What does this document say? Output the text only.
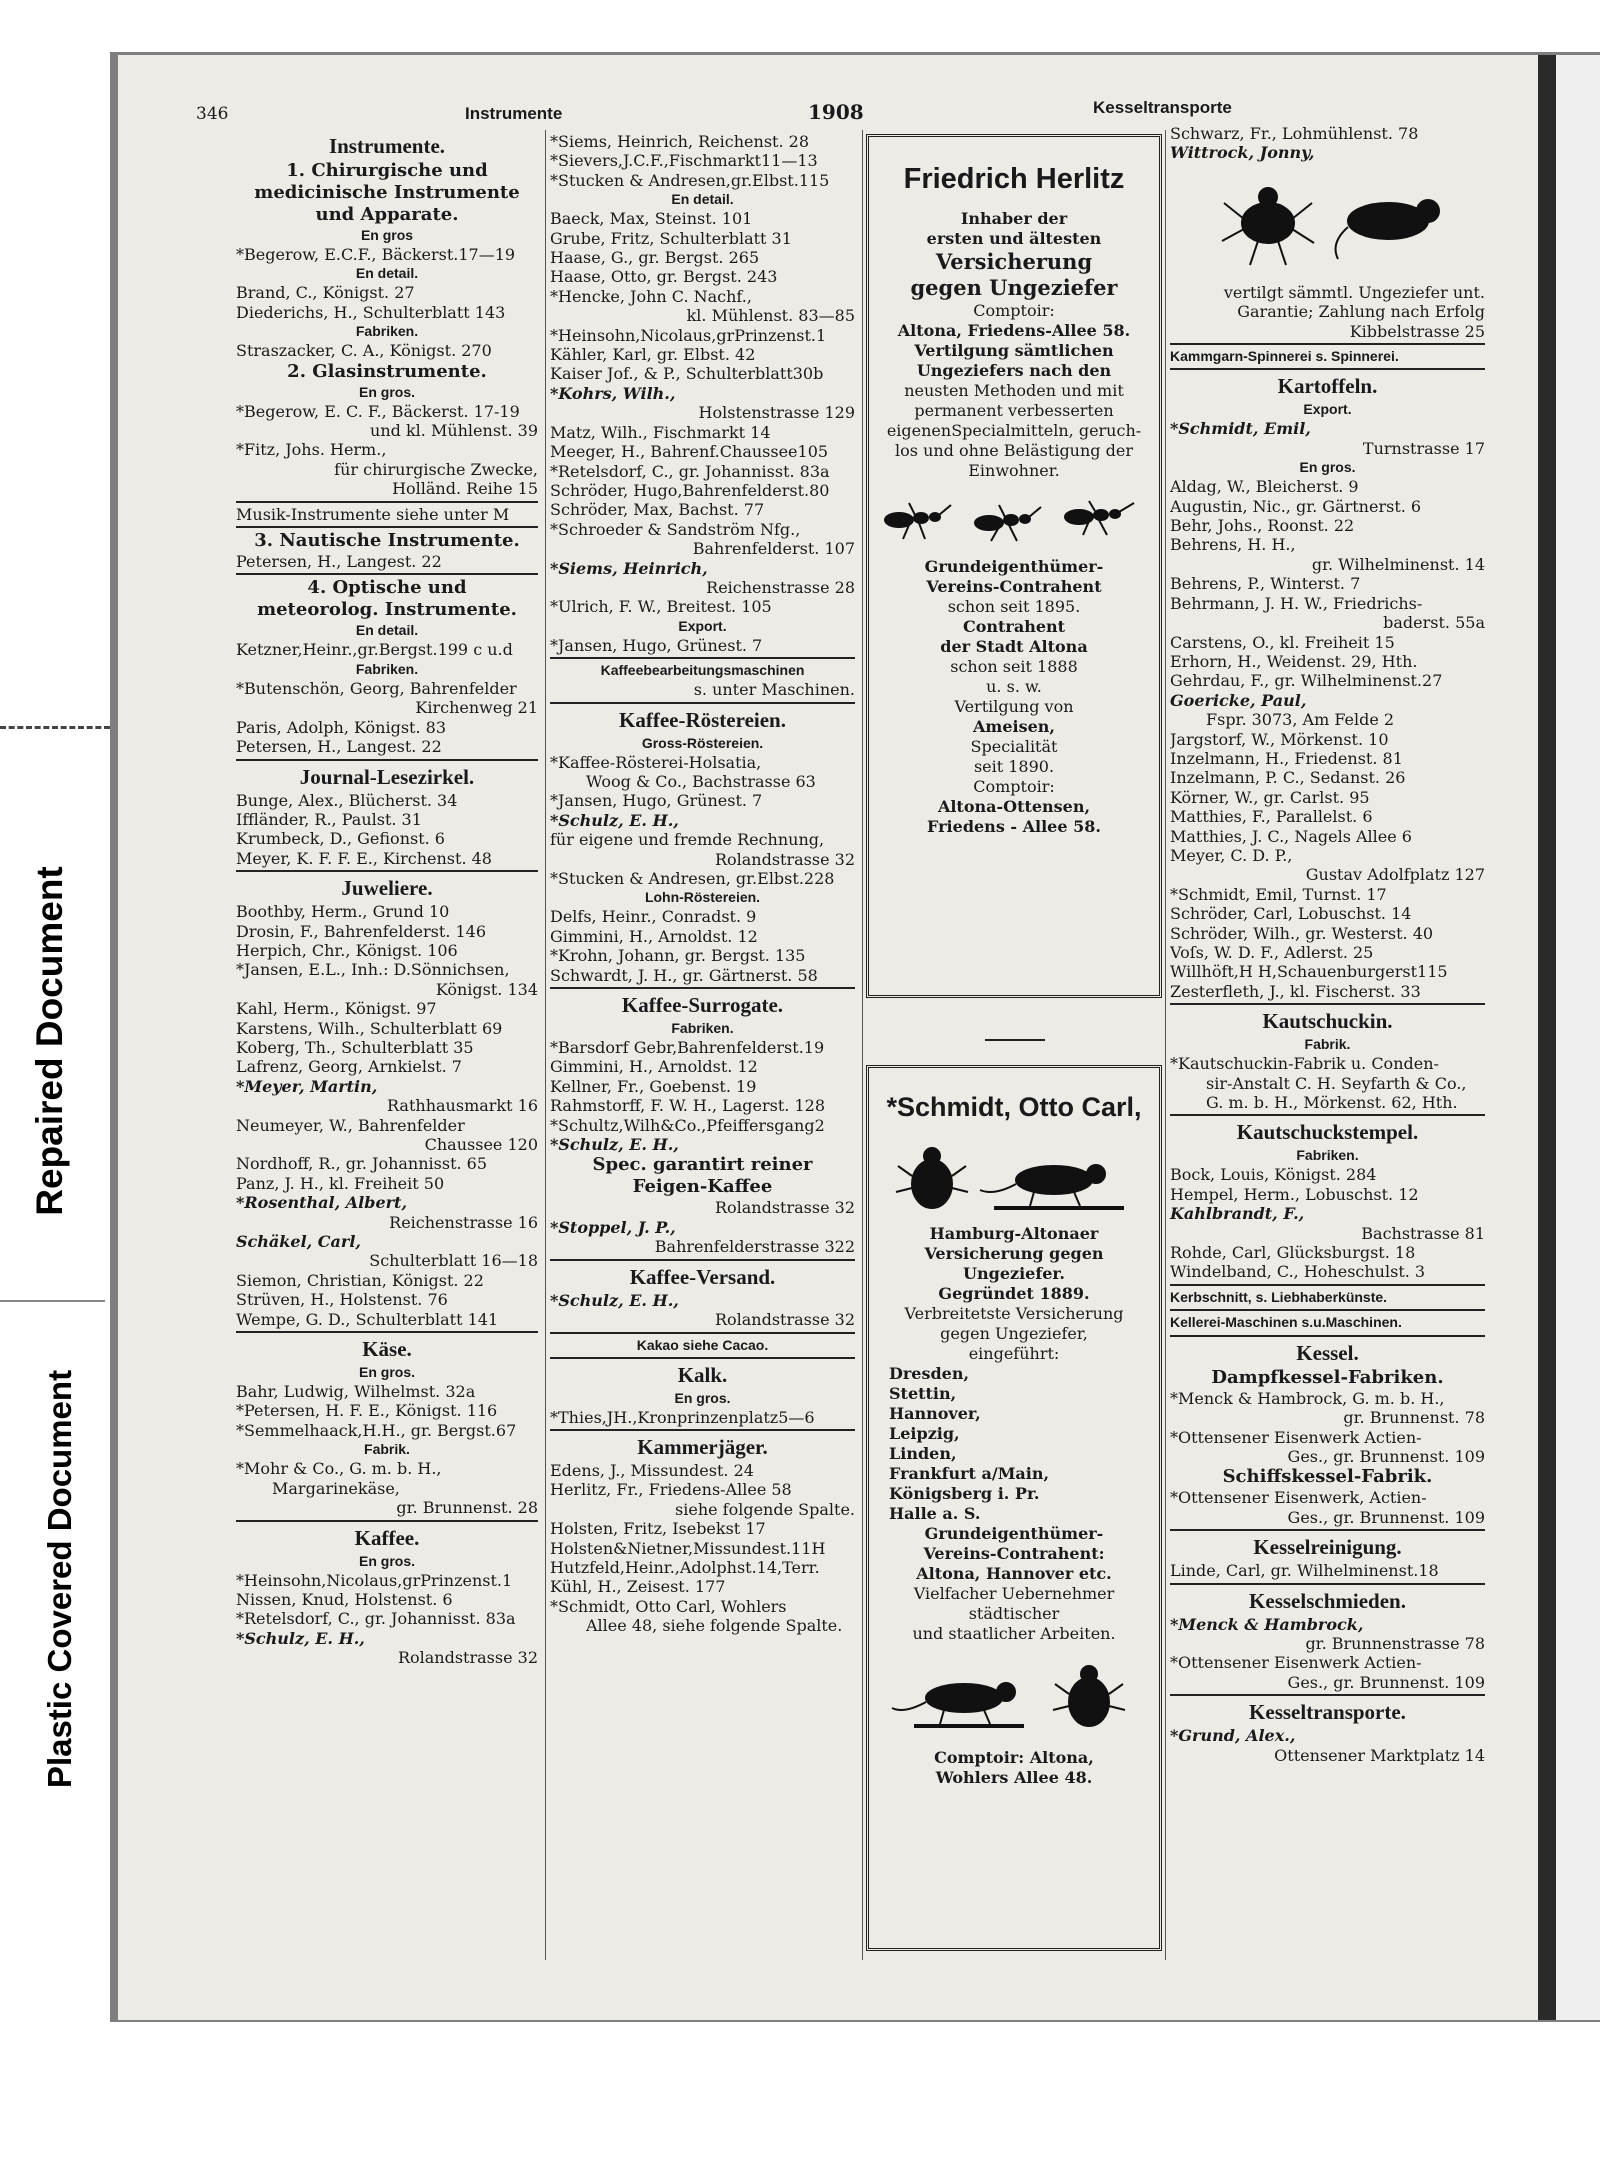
Repaired Document
Plastic Covered Document
346	Instrumente	1908	Kesseltransporte
Instrumente.
1. Chirurgische und
medicinische Instrumente
und Apparate.
En gros
*Begerow, E.C.F., Bäckerst.17—19
En detail.
Brand, C., Königst. 27
Diederichs, H., Schulterblatt 143
Fabriken.
Straszacker, C. A., Königst. 270
2. Glasinstrumente.
En gros.
*Begerow, E. C. F., Bäckerst. 17-19
und kl. Mühlenst. 39
*Fitz, Johs. Herm.,
für chirurgische Zwecke,
Holländ. Reihe 15
Musik-Instrumente siehe unter M
3. Nautische Instrumente.
Petersen, H., Langest. 22
4. Optische und
meteorolog. Instrumente.
En detail.
Ketzner,Heinr.,gr.Bergst.199 c u.d
Fabriken.
*Butenschön, Georg, Bahrenfelder
Kirchenweg 21
Paris, Adolph, Königst. 83
Petersen, H., Langest. 22
Journal-Lesezirkel.
Bunge, Alex., Blücherst. 34
Iffländer, R., Paulst. 31
Krumbeck, D., Gefionst. 6
Meyer, K. F. F. E., Kirchenst. 48
Juweliere.
Boothby, Herm., Grund 10
Drosin, F., Bahrenfelderst. 146
Herpich, Chr., Königst. 106
*Jansen, E.L., Inh.: D.Sönnichsen,
Königst. 134
Kahl, Herm., Königst. 97
Karstens, Wilh., Schulterblatt 69
Koberg, Th., Schulterblatt 35
Lafrenz, Georg, Arnkielst. 7
*Meyer, Martin,
Rathhausmarkt 16
Neumeyer, W., Bahrenfelder
Chaussee 120
Nordhoff, R., gr. Johannisst. 65
Panz, J. H., kl. Freiheit 50
*Rosenthal, Albert,
Reichenstrasse 16
Schäkel, Carl,
Schulterblatt 16—18
Siemon, Christian, Königst. 22
Strüven, H., Holstenst. 76
Wempe, G. D., Schulterblatt 141
Käse.
En gros.
Bahr, Ludwig, Wilhelmst. 32a
*Petersen, H. F. E., Königst. 116
*Semmelhaack,H.H., gr. Bergst.67
Fabrik.
*Mohr & Co., G. m. b. H.,
Margarinekäse,
gr. Brunnenst. 28
Kaffee.
En gros.
*Heinsohn,Nicolaus,grPrinzenst.1
Nissen, Knud, Holstenst. 6
*Retelsdorf, C., gr. Johannisst. 83a
*Schulz, E. H.,
Rolandstrasse 32
*Siems, Heinrich, Reichenst. 28
*Sievers,J.C.F.,Fischmarkt11—13
*Stucken & Andresen,gr.Elbst.115
En detail.
Baeck, Max, Steinst. 101
Grube, Fritz, Schulterblatt 31
Haase, G., gr. Bergst. 265
Haase, Otto, gr. Bergst. 243
*Hencke, John C. Nachf.,
kl. Mühlenst. 83—85
*Heinsohn,Nicolaus,grPrinzenst.1
Kähler, Karl, gr. Elbst. 42
Kaiser Jof., & P., Schulterblatt30b
*Kohrs, Wilh.,
Holstenstrasse 129
Matz, Wilh., Fischmarkt 14
Meeger, H., Bahrenf.Chaussee105
*Retelsdorf, C., gr. Johannisst. 83a
Schröder, Hugo,Bahrenfelderst.80
Schröder, Max, Bachst. 77
*Schroeder & Sandström Nfg.,
Bahrenfelderst. 107
*Siems, Heinrich,
Reichenstrasse 28
*Ulrich, F. W., Breitest. 105
Export.
*Jansen, Hugo, Grünest. 7
Kaffeebearbeitungsmaschinen
s. unter Maschinen.
Kaffee-Röstereien.
Gross-Röstereien.
*Kaffee-Rösterei-Holsatia,
Woog & Co., Bachstrasse 63
*Jansen, Hugo, Grünest. 7
*Schulz, E. H.,
für eigene und fremde Rechnung,
Rolandstrasse 32
*Stucken & Andresen, gr.Elbst.228
Lohn-Röstereien.
Delfs, Heinr., Conradst. 9
Gimmini, H., Arnoldst. 12
*Krohn, Johann, gr. Bergst. 135
Schwardt, J. H., gr. Gärtnerst. 58
Kaffee-Surrogate.
Fabriken.
*Barsdorf Gebr,Bahrenfelderst.19
Gimmini, H., Arnoldst. 12
Kellner, Fr., Goebenst. 19
Rahmstorff, F. W. H., Lagerst. 128
*Schultz,Wilh&Co.,Pfeiffersgang2
*Schulz, E. H.,
Spec. garantirt reiner
Feigen-Kaffee
Rolandstrasse 32
*Stoppel, J. P.,
Bahrenfelderstrasse 322
Kaffee-Versand.
*Schulz, E. H.,
Rolandstrasse 32
Kakao siehe Cacao.
Kalk.
En gros.
*Thies,JH.,Kronprinzenplatz5—6
Kammerjäger.
Edens, J., Missundest. 24
Herlitz, Fr., Friedens-Allee 58
siehe folgende Spalte.
Holsten, Fritz, Isebekst 17
Holsten&Nietner,Missundest.11H
Hutzfeld,Heinr.,Adolphst.14,Terr.
Kühl, H., Zeisest. 177
*Schmidt, Otto Carl, Wohlers
Allee 48, siehe folgende Spalte.
Friedrich Herlitz
Inhaber der
ersten und ältesten
Versicherung
gegen Ungeziefer
Comptoir:
Altona, Friedens-Allee 58.
Vertilgung sämtlichen
Ungeziefers nach den
neusten Methoden und mit
permanent verbesserten
eigenenSpecialmitteln, geruch-
los und ohne Belästigung der
Einwohner.
Grundeigenthümer-
Vereins-Contrahent
schon seit 1895.
Contrahent
der Stadt Altona
schon seit 1888
u. s. w.
Vertilgung von
Ameisen,
Specialität
seit 1890.
Comptoir:
Altona-Ottensen,
Friedens - Allee 58.
*Schmidt, Otto Carl,
Hamburg-Altonaer
Versicherung gegen
Ungeziefer.
Gegründet 1889.
Verbreitetste Versicherung
gegen Ungeziefer,
eingeführt:
Dresden,
Stettin,
Hannover,
Leipzig,
Linden,
Frankfurt a/Main,
Königsberg i. Pr.
Halle a. S.
Grundeigenthümer-
Vereins-Contrahent:
Altona, Hannover etc.
Vielfacher Uebernehmer
städtischer
und staatlicher Arbeiten.
Comptoir: Altona,
Wohlers Allee 48.
Schwarz, Fr., Lohmühlenst. 78
Wittrock, Jonny,
vertilgt sämmtl. Ungeziefer unt.
Garantie; Zahlung nach Erfolg
Kibbelstrasse 25
Kammgarn-Spinnerei s. Spinnerei.
Kartoffeln.
Export.
*Schmidt, Emil,
Turnstrasse 17
En gros.
Aldag, W., Bleicherst. 9
Augustin, Nic., gr. Gärtnerst. 6
Behr, Johs., Roonst. 22
Behrens, H. H.,
gr. Wilhelminenst. 14
Behrens, P., Winterst. 7
Behrmann, J. H. W., Friedrichs-
baderst. 55a
Carstens, O., kl. Freiheit 15
Erhorn, H., Weidenst. 29, Hth.
Gehrdau, F., gr. Wilhelminenst.27
Goericke, Paul,
Fspr. 3073, Am Felde 2
Jargstorf, W., Mörkenst. 10
Inzelmann, H., Friedenst. 81
Inzelmann, P. C., Sedanst. 26
Körner, W., gr. Carlst. 95
Matthies, F., Parallelst. 6
Matthies, J. C., Nagels Allee 6
Meyer, C. D. P.,
Gustav Adolfplatz 127
*Schmidt, Emil, Turnst. 17
Schröder, Carl, Lobuschst. 14
Schröder, Wilh., gr. Westerst. 40
Voſs, W. D. F., Adlerst. 25
Willhöft,H H,Schauenburgerst115
Zesterfleth, J., kl. Fischerst. 33
Kautschuckin.
Fabrik.
*Kautschuckin-Fabrik u. Conden-
sir-Anstalt C. H. Seyfarth & Co.,
G. m. b. H., Mörkenst. 62, Hth.
Kautschuckstempel.
Fabriken.
Bock, Louis, Königst. 284
Hempel, Herm., Lobuschst. 12
Kahlbrandt, F.,
Bachstrasse 81
Rohde, Carl, Glücksburgst. 18
Windelband, C., Hoheschulst. 3
Kerbschnitt, s. Liebhaberkünste.
Kellerei-Maschinen s.u.Maschinen.
Kessel.
Dampfkessel-Fabriken.
*Menck & Hambrock, G. m. b. H.,
gr. Brunnenst. 78
*Ottensener Eisenwerk Actien-
Ges., gr. Brunnenst. 109
Schiffskessel-Fabrik.
*Ottensener Eisenwerk, Actien-
Ges., gr. Brunnenst. 109
Kesselreinigung.
Linde, Carl, gr. Wilhelminenst.18
Kesselschmieden.
*Menck & Hambrock,
gr. Brunnenstrasse 78
*Ottensener Eisenwerk Actien-
Ges., gr. Brunnenst. 109
Kesseltransporte.
*Grund, Alex.,
Ottensener Marktplatz 14
